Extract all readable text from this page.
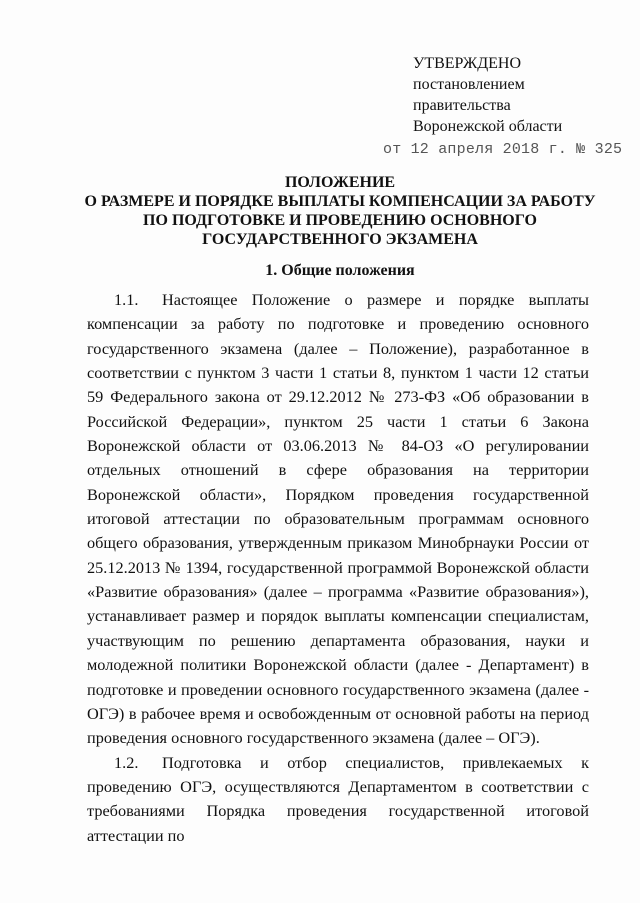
УТВЕРЖДЕНО
постановлением
правительства
Воронежской области
от 12 апреля 2018 г. № 325
ПОЛОЖЕНИЕ
О РАЗМЕРЕ И ПОРЯДКЕ ВЫПЛАТЫ КОМПЕНСАЦИИ ЗА РАБОТУ
ПО ПОДГОТОВКЕ И ПРОВЕДЕНИЮ ОСНОВНОГО
ГОСУДАРСТВЕННОГО ЭКЗАМЕНА
1. Общие положения

1.1. Настоящее Положение о размере и порядке выплаты компенсации за работу по подготовке и проведению основного государственного экзамена (далее – Положение), разработанное в соответствии с пунктом 3 части 1 статьи 8, пунктом 1 части 12 статьи 59 Федерального закона от 29.12.2012 № 273-ФЗ «Об образовании в Российской Федерации», пунктом 25 части 1 статьи 6 Закона Воронежской области от 03.06.2013 № 84-ОЗ «О регулировании отдельных отношений в сфере образования на территории Воронежской области», Порядком проведения государственной итоговой аттестации по образовательным программам основного общего образования, утвержденным приказом Минобрнауки России от 25.12.2013 № 1394, государственной программой Воронежской области «Развитие образования» (далее – программа «Развитие образования»), устанавливает размер и порядок выплаты компенсации специалистам, участвующим по решению департамента образования, науки и молодежной политики Воронежской области (далее - Департамент) в подготовке и проведении основного государственного экзамена (далее - ОГЭ) в рабочее время и освобожденным от основной работы на период проведения основного государственного экзамена (далее – ОГЭ).

1.2. Подготовка и отбор специалистов, привлекаемых к проведению ОГЭ, осуществляются Департаментом в соответствии с требованиями Порядка проведения государственной итоговой аттестации по
